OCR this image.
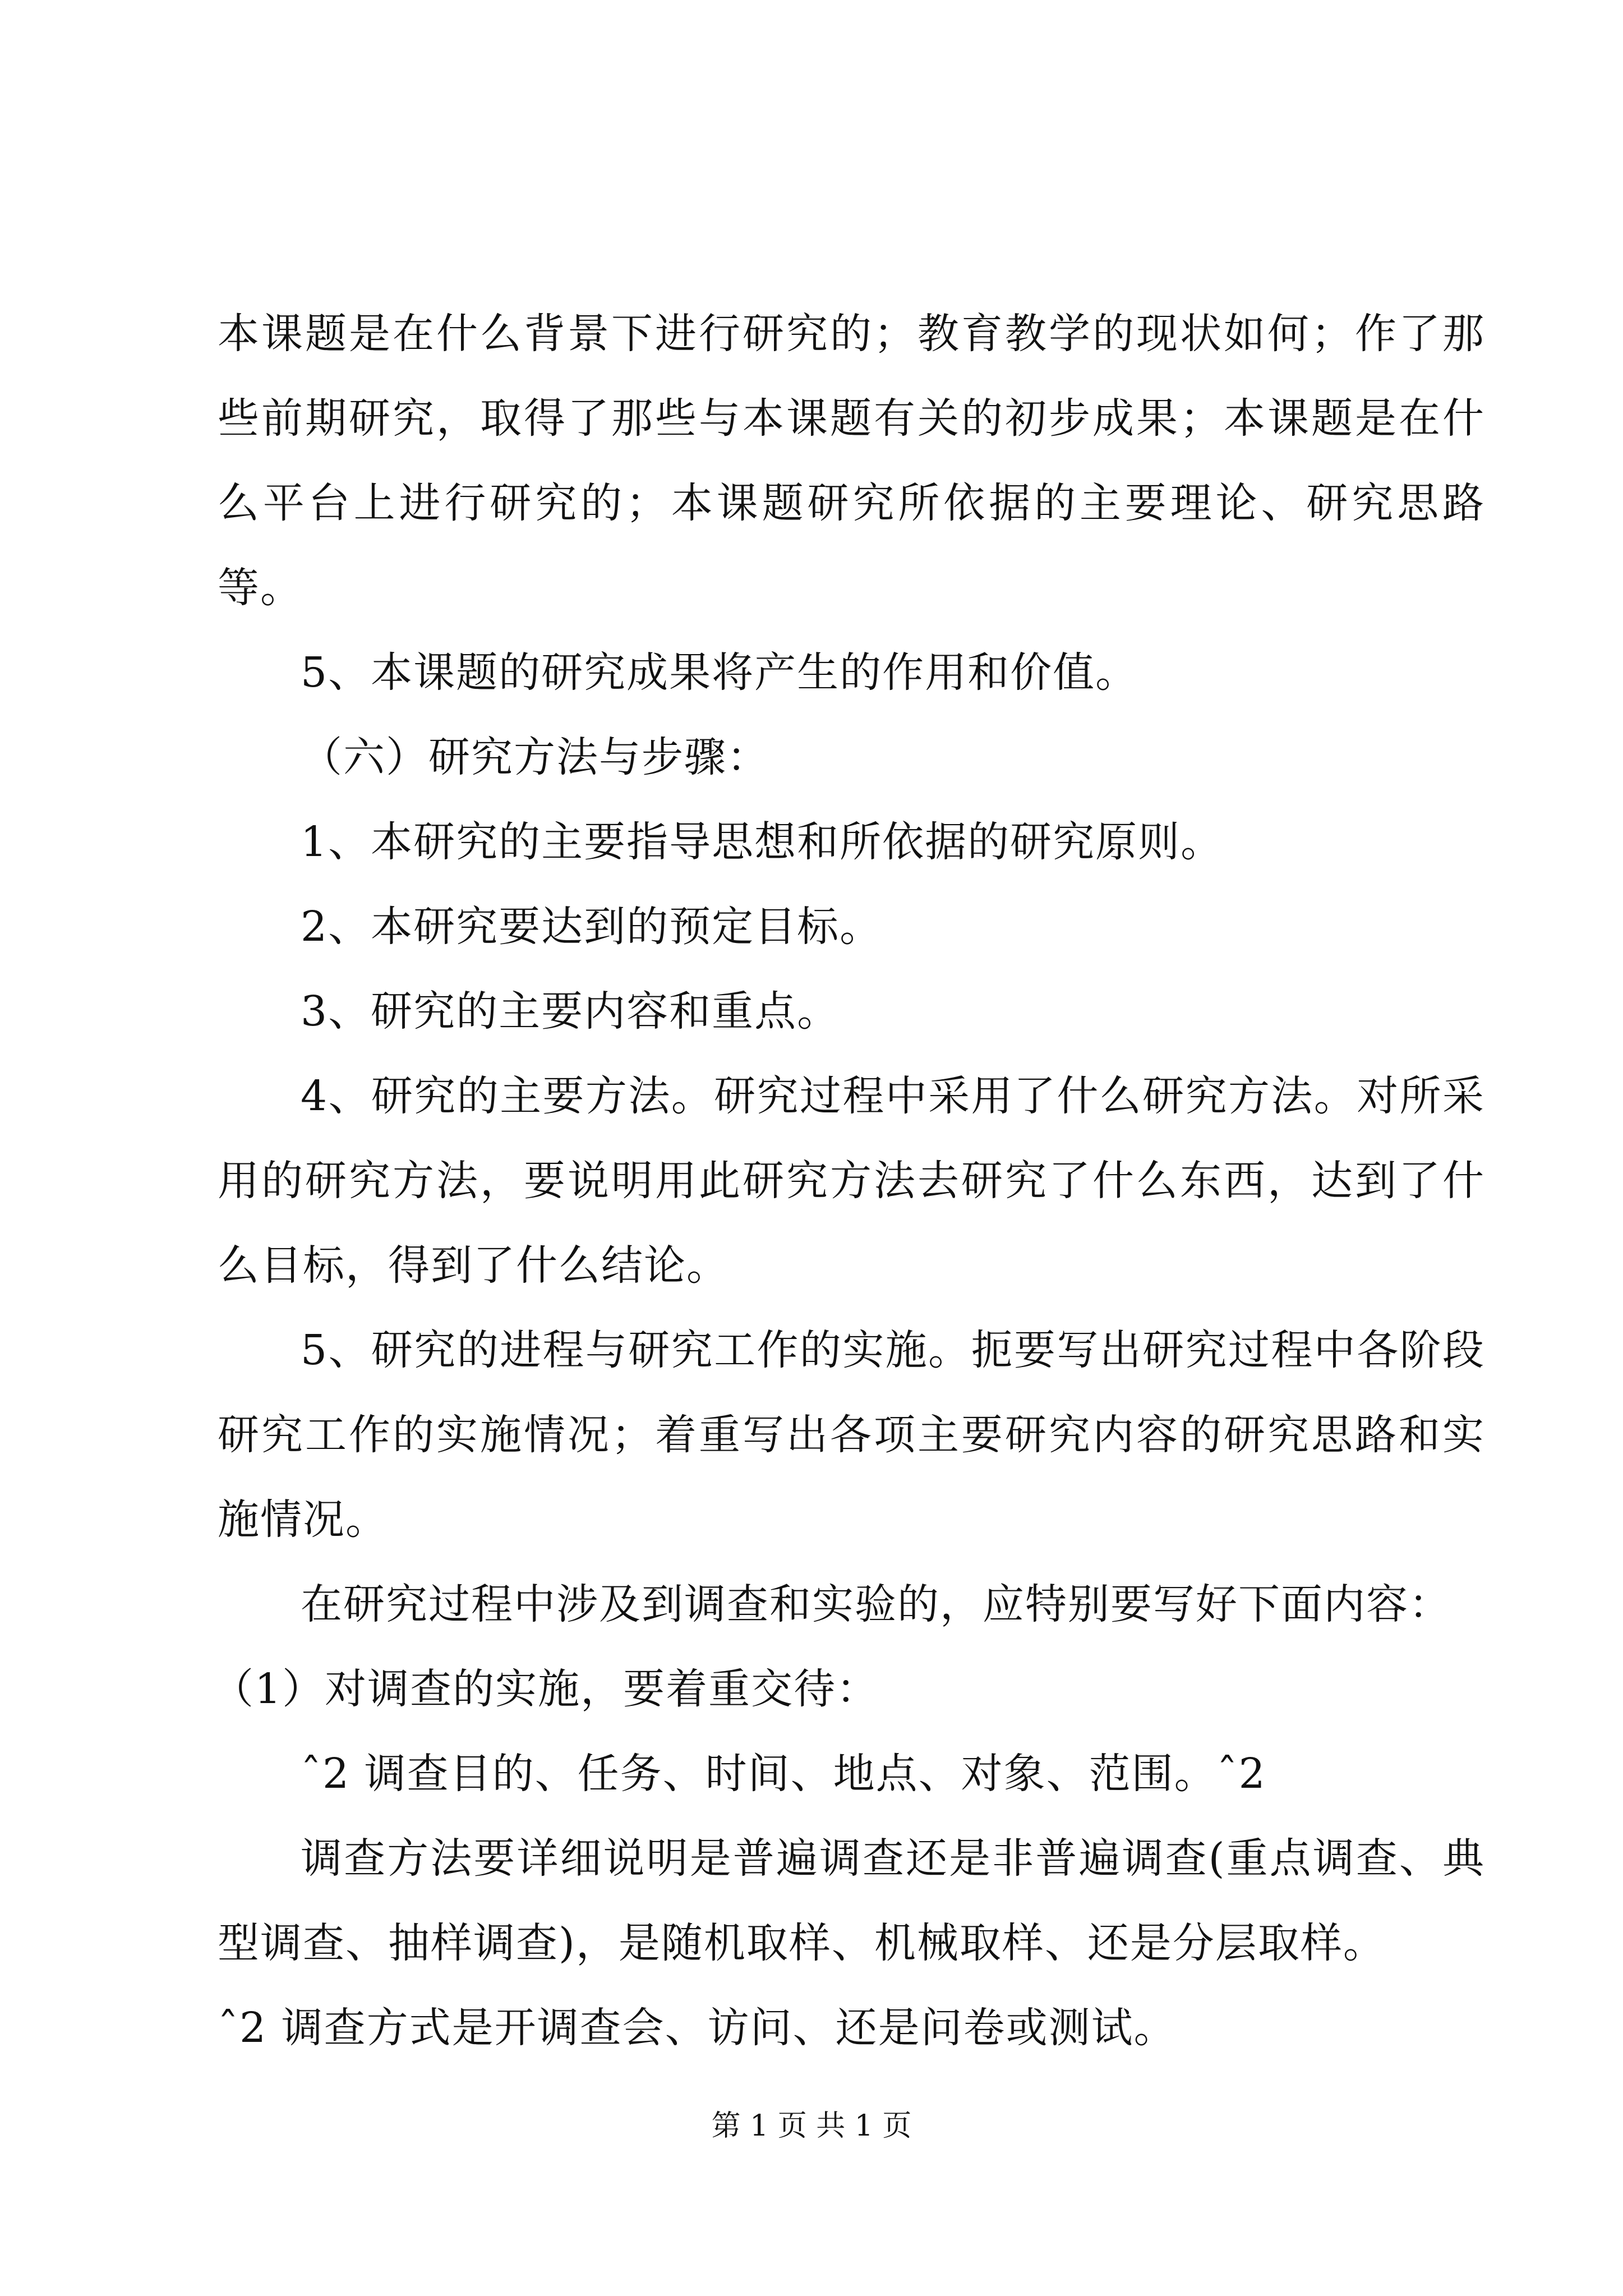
本课题是在什么背景下进行研究的；教育教学的现状如何；作了那些前期研究，取得了那些与本课题有关的初步成果；本课题是在什么平台上进行研究的；本课题研究所依据的主要理论、研究思路等。

5、本课题的研究成果将产生的作用和价值。

（六）研究方法与步骤：

1、本研究的主要指导思想和所依据的研究原则。

2、本研究要达到的预定目标。

3、研究的主要内容和重点。

4、研究的主要方法。研究过程中采用了什么研究方法。对所采用的研究方法，要说明用此研究方法去研究了什么东西，达到了什么目标，得到了什么结论。

5、研究的进程与研究工作的实施。扼要写出研究过程中各阶段研究工作的实施情况；着重写出各项主要研究内容的研究思路和实施情况。

在研究过程中涉及到调查和实验的，应特别要写好下面内容：

（1）对调查的实施，要着重交待：

ˆ2 调查目的、任务、时间、地点、对象、范围。ˆ2

调查方法要详细说明是普遍调查还是非普遍调查(重点调查、典型调查、抽样调查)，是随机取样、机械取样、还是分层取样。

ˆ2 调查方式是开调查会、访问、还是问卷或测试。

第 1 页 共 1 页
